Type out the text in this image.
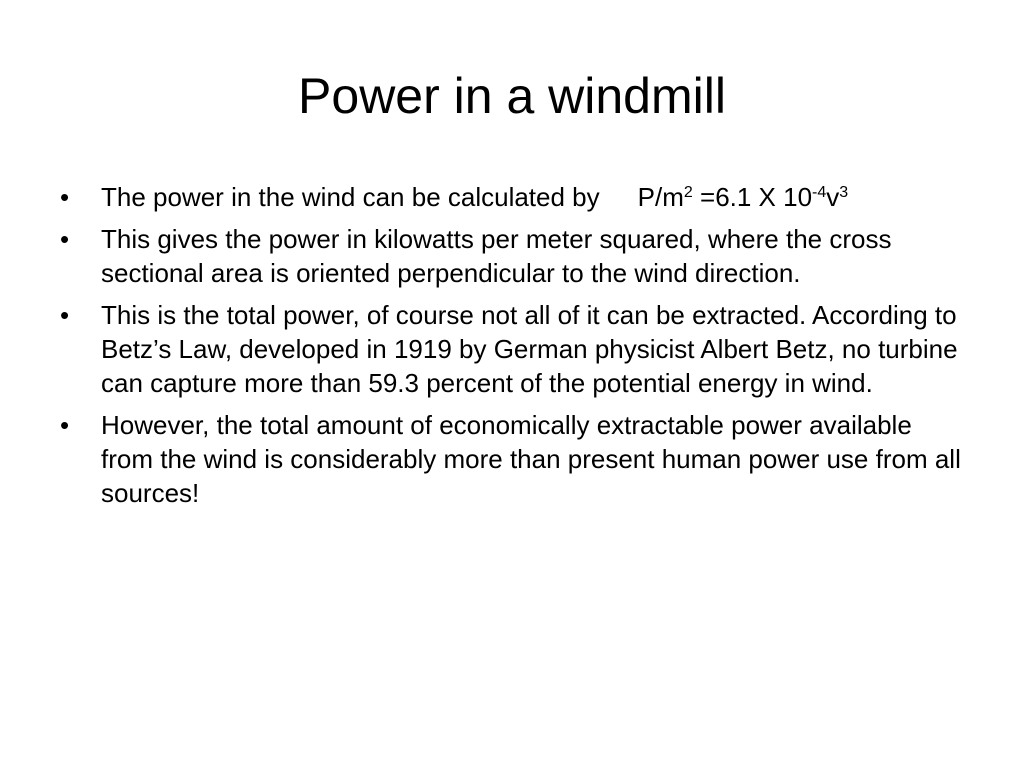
Power in a windmill
•	The power in the wind can be calculated by $P/m^2 =6.1$ X $10^{-4}v^3$
•	This gives the power in kilowatts per meter squared, where the cross sectional area is oriented perpendicular to the wind direction.
•	This is the total power, of course not all of it can be extracted. According to Betz’s Law, developed in 1919 by German physicist Albert Betz, no turbine can capture more than 59.3 percent of the potential energy in wind.
•	However, the total amount of economically extractable power available from the wind is considerably more than present human power use from all sources!
